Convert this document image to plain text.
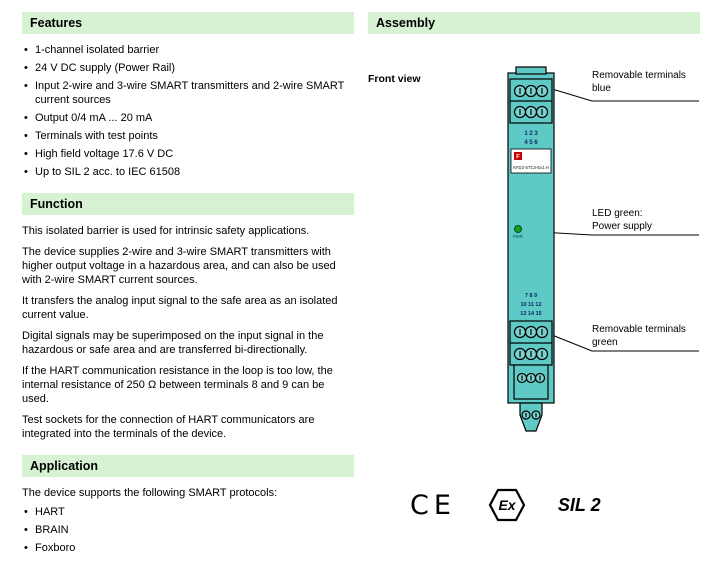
Features
• 1-channel isolated barrier
• 24 V DC supply (Power Rail)
• Input 2-wire and 3-wire SMART transmitters and 2-wire SMART current sources
• Output 0/4 mA ... 20 mA
• Terminals with test points
• High field voltage 17.6 V DC
• Up to SIL 2 acc. to IEC 61508
Function

This isolated barrier is used for intrinsic safety applications.

The device supplies 2-wire and 3-wire SMART transmitters with higher output voltage in a hazardous area, and can also be used with 2-wire SMART current sources.

It transfers the analog input signal to the safe area as an isolated current value.

Digital signals may be superimposed on the input signal in the hazardous or safe area and are transferred bi-directionally.

If the HART communication resistance in the loop is too low, the internal resistance of 250 Ω between terminals 8 and 9 can be used.

Test sockets for the connection of HART communicators are integrated into the terminals of the device.

Application
The device supports the following SMART protocols:
• HART
• BRAIN
• Foxboro
Assembly
Front view
1 2 3
4 5 6
F
KFD2-STC4-Ex1.H
PWR
7 8 9
10 11 12
13 14 15
Removable terminals
blue
LED green:
Power supply
Removable terminals
green
CE	Ex SIL 2
